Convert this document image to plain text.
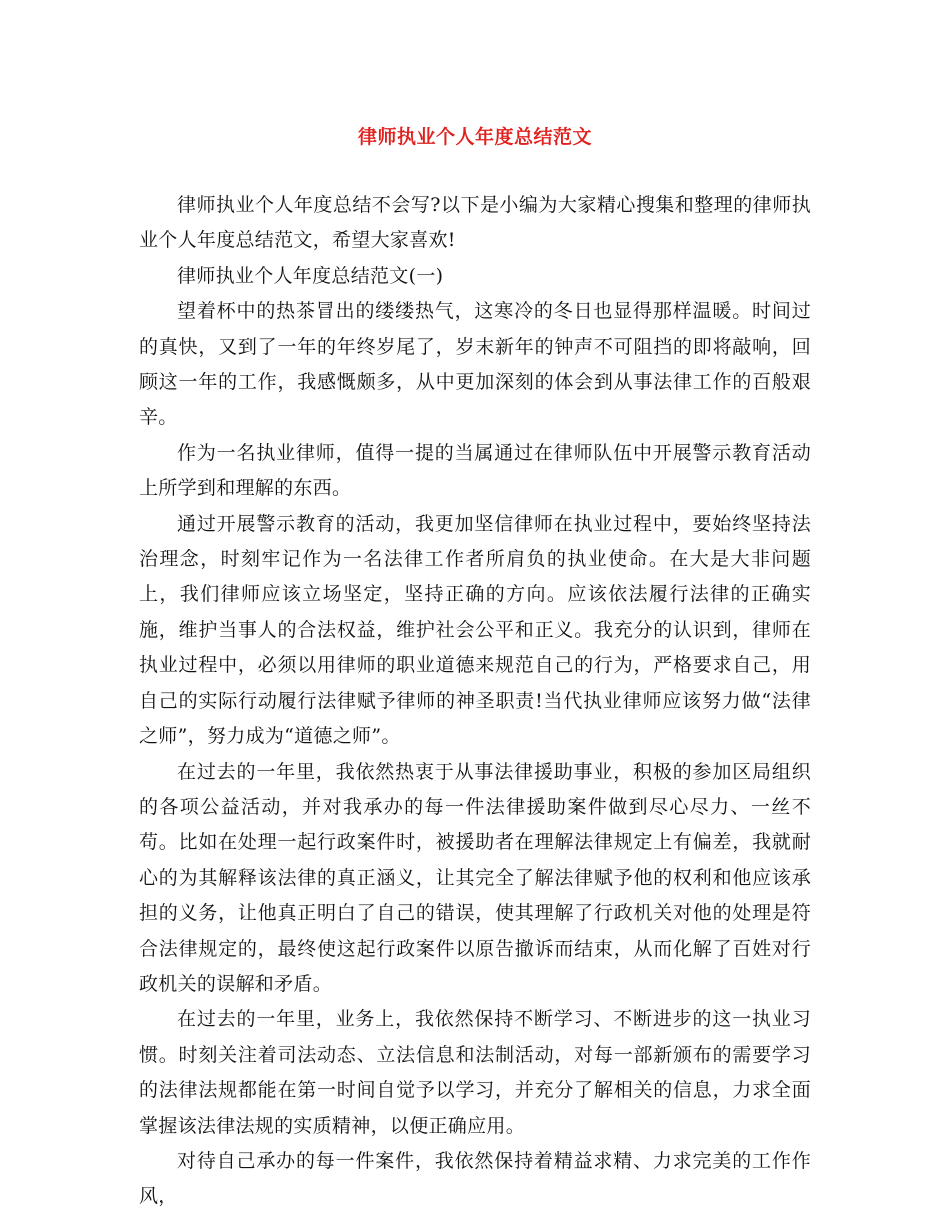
律师执业个人年度总结范文

律师执业个人年度总结不会写?以下是小编为大家精心搜集和整理的律师执业个人年度总结范文，希望大家喜欢!

律师执业个人年度总结范文(一)

望着杯中的热茶冒出的缕缕热气，这寒冷的冬日也显得那样温暖。时间过的真快，又到了一年的年终岁尾了，岁末新年的钟声不可阻挡的即将敲响，回顾这一年的工作，我感慨颇多，从中更加深刻的体会到从事法律工作的百般艰辛。

作为一名执业律师，值得一提的当属通过在律师队伍中开展警示教育活动上所学到和理解的东西。

通过开展警示教育的活动，我更加坚信律师在执业过程中，要始终坚持法治理念，时刻牢记作为一名法律工作者所肩负的执业使命。在大是大非问题上，我们律师应该立场坚定，坚持正确的方向。应该依法履行法律的正确实施，维护当事人的合法权益，维护社会公平和正义。我充分的认识到，律师在执业过程中，必须以用律师的职业道德来规范自己的行为，严格要求自己，用自己的实际行动履行法律赋予律师的神圣职责!当代执业律师应该努力做“法律之师”，努力成为“道德之师”。

在过去的一年里，我依然热衷于从事法律援助事业，积极的参加区局组织的各项公益活动，并对我承办的每一件法律援助案件做到尽心尽力、一丝不苟。比如在处理一起行政案件时，被援助者在理解法律规定上有偏差，我就耐心的为其解释该法律的真正涵义，让其完全了解法律赋予他的权利和他应该承担的义务，让他真正明白了自己的错误，使其理解了行政机关对他的处理是符合法律规定的，最终使这起行政案件以原告撤诉而结束，从而化解了百姓对行政机关的误解和矛盾。

在过去的一年里，业务上，我依然保持不断学习、不断进步的这一执业习惯。时刻关注着司法动态、立法信息和法制活动，对每一部新颁布的需要学习的法律法规都能在第一时间自觉予以学习，并充分了解相关的信息，力求全面掌握该法律法规的实质精神，以便正确应用。

对待自己承办的每一件案件，我依然保持着精益求精、力求完美的工作作风，
